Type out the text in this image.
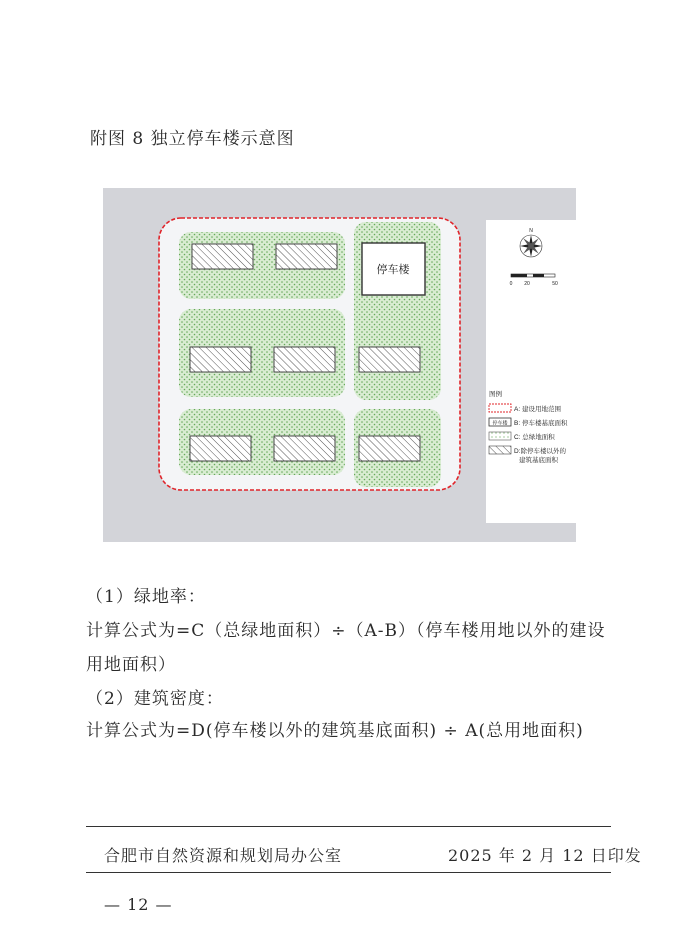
附图 8 独立停车楼示意图
停车楼
N
0 20	50
图例
A: 建设用地范围
停车楼 B: 停车楼基底面积
C: 总绿地面积
D:除停车楼以外的
建筑基底面积
（1）绿地率：
计算公式为=C（总绿地面积）÷（A-B）（停车楼用地以外的建设
用地面积）
（2）建筑密度：
计算公式为=D(停车楼以外的建筑基底面积) ÷ A(总用地面积)
合肥市自然资源和规划局办公室	2025 年 2 月 12 日印发
— 12 —
